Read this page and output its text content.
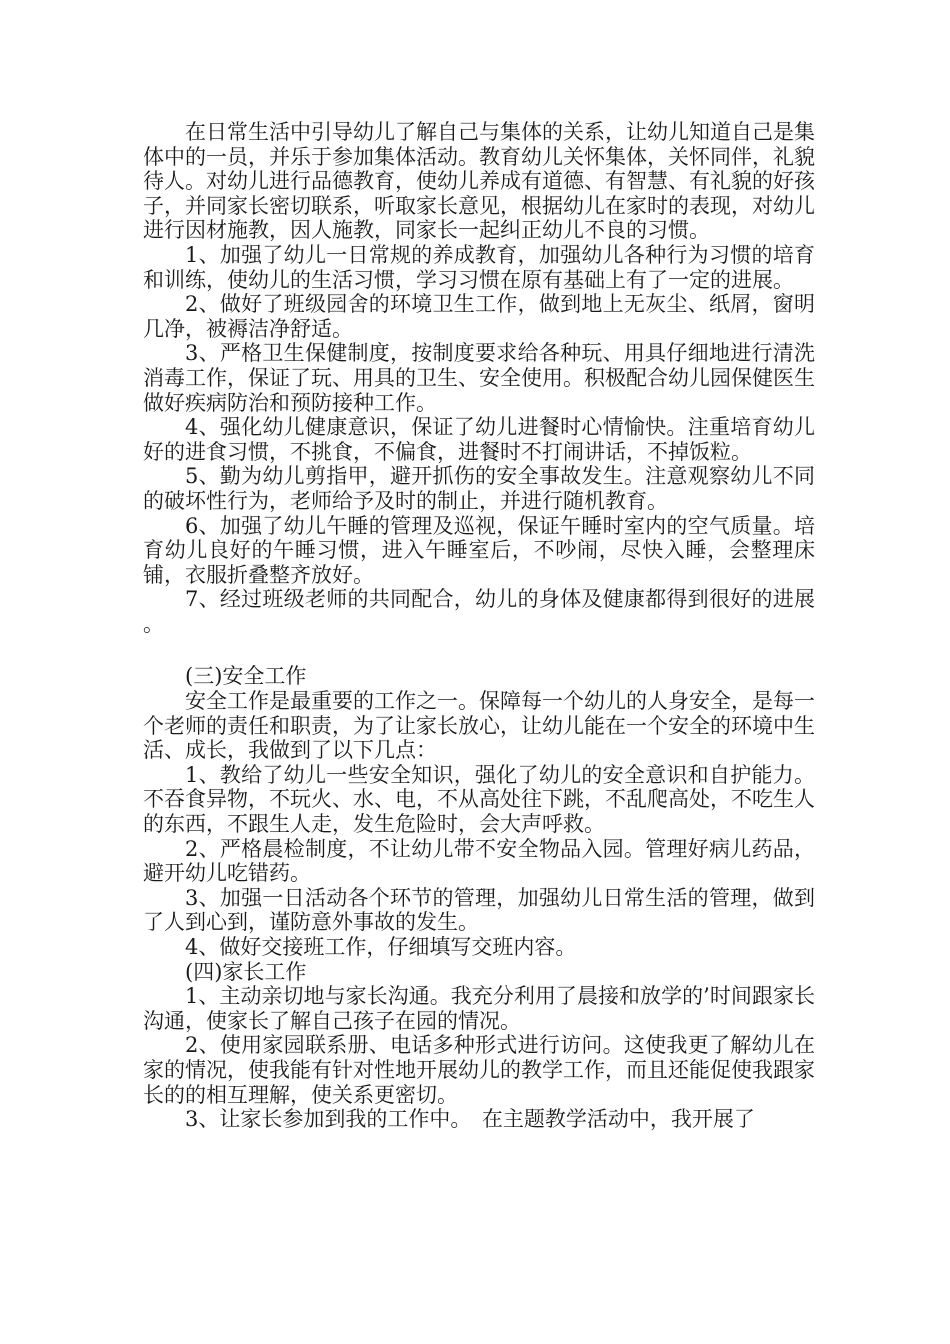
在日常生活中引导幼儿了解自己与集体的关系，让幼儿知道自己是集体中的一员，并乐于参加集体活动。教育幼儿关怀集体，关怀同伴，礼貌待人。对幼儿进行品德教育，使幼儿养成有道德、有智慧、有礼貌的好孩子，并同家长密切联系，听取家长意见，根据幼儿在家时的表现，对幼儿进行因材施教，因人施教，同家长一起纠正幼儿不良的习惯。

1、加强了幼儿一日常规的养成教育，加强幼儿各种行为习惯的培育和训练，使幼儿的生活习惯，学习习惯在原有基础上有了一定的进展。

2、做好了班级园舍的环境卫生工作，做到地上无灰尘、纸屑，窗明几净，被褥洁净舒适。

3、严格卫生保健制度，按制度要求给各种玩、用具仔细地进行清洗消毒工作，保证了玩、用具的卫生、安全使用。积极配合幼儿园保健医生做好疾病防治和预防接种工作。

4、强化幼儿健康意识，保证了幼儿进餐时心情愉快。注重培育幼儿好的进食习惯，不挑食，不偏食，进餐时不打闹讲话，不掉饭粒。

5、勤为幼儿剪指甲，避开抓伤的安全事故发生。注意观察幼儿不同的破坏性行为，老师给予及时的制止，并进行随机教育。

6、加强了幼儿午睡的管理及巡视，保证午睡时室内的空气质量。培育幼儿良好的午睡习惯，进入午睡室后，不吵闹，尽快入睡，会整理床铺，衣服折叠整齐放好。

7、经过班级老师的共同配合，幼儿的身体及健康都得到很好的进展 。

(三)安全工作

安全工作是最重要的工作之一。保障每一个幼儿的人身安全，是每一个老师的责任和职责，为了让家长放心，让幼儿能在一个安全的环境中生活、成长，我做到了以下几点：

1、教给了幼儿一些安全知识，强化了幼儿的安全意识和自护能力。不吞食异物，不玩火、水、电，不从高处往下跳，不乱爬高处，不吃生人的东西，不跟生人走，发生危险时，会大声呼救。

2、严格晨检制度，不让幼儿带不安全物品入园。管理好病儿药品，避开幼儿吃错药。

3、加强一日活动各个环节的管理，加强幼儿日常生活的管理，做到了人到心到，谨防意外事故的发生。

4、做好交接班工作，仔细填写交班内容。

(四)家长工作

1、主动亲切地与家长沟通。我充分利用了晨接和放学的’时间跟家长沟通，使家长了解自己孩子在园的情况。

2、使用家园联系册、电话多种形式进行访问。这使我更了解幼儿在家的情况，使我能有针对性地开展幼儿的教学工作，而且还能促使我跟家长的的相互理解，使关系更密切。

3、让家长参加到我的工作中。　在主题教学活动中，我开展了
